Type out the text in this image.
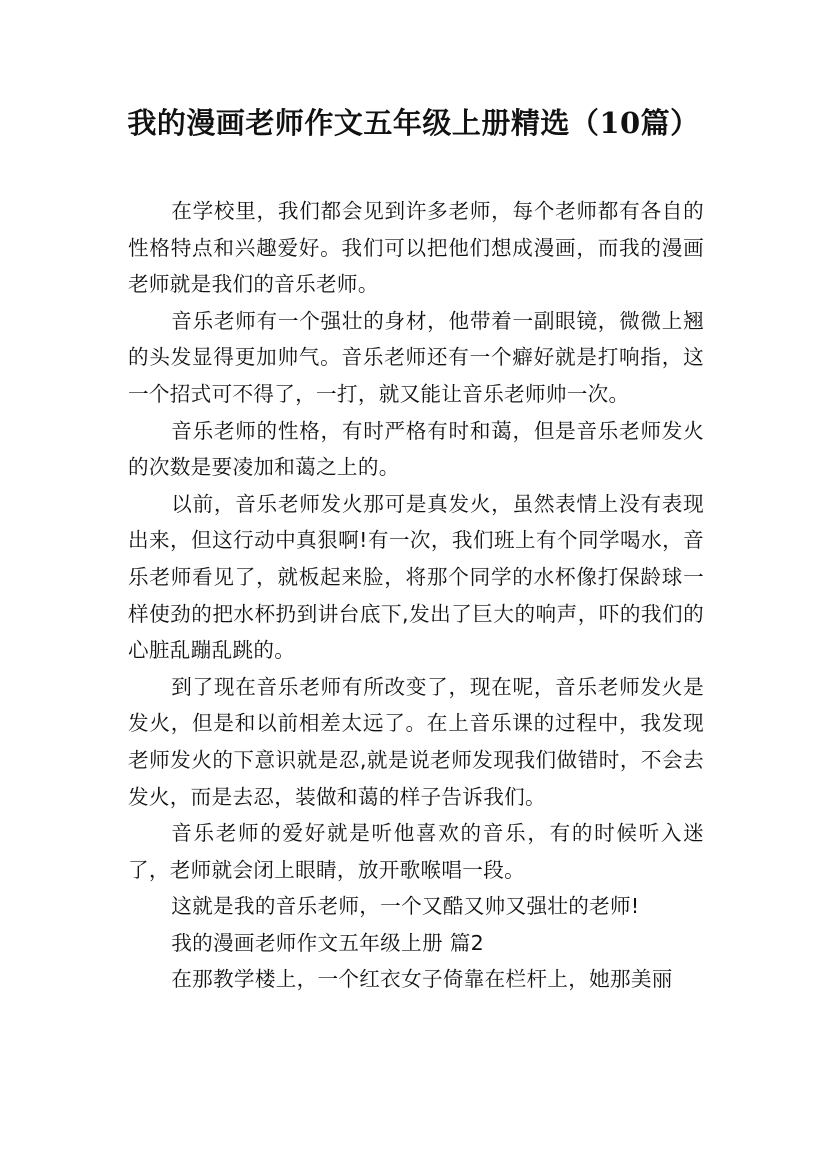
我的漫画老师作文五年级上册精选（10篇）

在学校里，我们都会见到许多老师，每个老师都有各自的性格特点和兴趣爱好。我们可以把他们想成漫画，而我的漫画老师就是我们的音乐老师。

音乐老师有一个强壮的身材，他带着一副眼镜，微微上翘的头发显得更加帅气。音乐老师还有一个癖好就是打响指，这一个招式可不得了，一打，就又能让音乐老师帅一次。

音乐老师的性格，有时严格有时和蔼，但是音乐老师发火的次数是要凌加和蔼之上的。

以前，音乐老师发火那可是真发火，虽然表情上没有表现出来，但这行动中真狠啊!有一次，我们班上有个同学喝水，音乐老师看见了，就板起来脸，将那个同学的水杯像打保龄球一样使劲的把水杯扔到讲台底下,发出了巨大的响声，吓的我们的心脏乱蹦乱跳的。

到了现在音乐老师有所改变了，现在呢，音乐老师发火是发火，但是和以前相差太远了。在上音乐课的过程中，我发现老师发火的下意识就是忍,就是说老师发现我们做错时，不会去发火，而是去忍，装做和蔼的样子告诉我们。

音乐老师的爱好就是听他喜欢的音乐，有的时候听入迷了，老师就会闭上眼睛，放开歌喉唱一段。

这就是我的音乐老师，一个又酷又帅又强壮的老师!

我的漫画老师作文五年级上册 篇2

在那教学楼上，一个红衣女子倚靠在栏杆上，她那美丽
